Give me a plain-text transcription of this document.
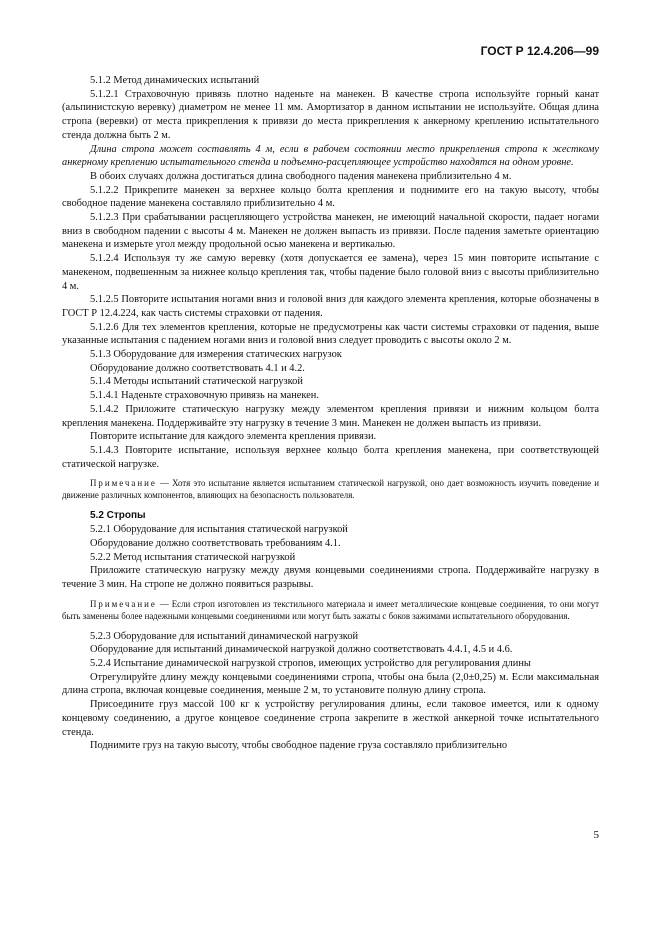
ГОСТ Р 12.4.206—99

5.1.2 Метод динамических испытаний

5.1.2.1 Страховочную привязь плотно наденьте на манекен. В качестве стропа используйте горный канат (альпинистскую веревку) диаметром не менее 11 мм. Амортизатор в данном испытании не используйте. Общая длина стропа (веревки) от места прикрепления к привязи до места прикрепления к анкерному креплению испытательного стенда должна быть 2 м.

Длина стропа может составлять 4 м, если в рабочем состоянии место прикрепления стропа к жесткому анкерному креплению испытательного стенда и подъемно-расцепляющее устройство находятся на одном уровне.

В обоих случаях должна достигаться длина свободного падения манекена приблизительно 4 м.

5.1.2.2 Прикрепите манекен за верхнее кольцо болта крепления и поднимите его на такую высоту, чтобы свободное падение манекена составляло приблизительно 4 м.

5.1.2.3 При срабатывании расцепляющего устройства манекен, не имеющий начальной скорости, падает ногами вниз в свободном падении с высоты 4 м. Манекен не должен выпасть из привязи. После падения заметьте ориентацию манекена и измерьте угол между продольной осью манекена и вертикалью.

5.1.2.4 Используя ту же самую веревку (хотя допускается ее замена), через 15 мин повторите испытание с манекеном, подвешенным за нижнее кольцо крепления так, чтобы падение было головой вниз с высоты приблизительно 4 м.

5.1.2.5 Повторите испытания ногами вниз и головой вниз для каждого элемента крепления, которые обозначены в ГОСТ Р 12.4.224, как часть системы страховки от падения.

5.1.2.6 Для тех элементов крепления, которые не предусмотрены как части системы страховки от падения, выше указанные испытания с падением ногами вниз и головой вниз следует проводить с высоты около 2 м.

5.1.3 Оборудование для измерения статических нагрузок

Оборудование должно соответствовать 4.1 и 4.2.

5.1.4 Методы испытаний статической нагрузкой

5.1.4.1 Наденьте страховочную привязь на манекен.

5.1.4.2 Приложите статическую нагрузку между элементом крепления привязи и нижним кольцом болта крепления манекена. Поддерживайте эту нагрузку в течение 3 мин. Манекен не должен выпасть из привязи.

Повторите испытание для каждого элемента крепления привязи.

5.1.4.3 Повторите испытание, используя верхнее кольцо болта крепления манекена, при соответствующей статической нагрузке.

Примечание — Хотя это испытание является испытанием статической нагрузкой, оно дает возможность изучить поведение и движение различных компонентов, влияющих на безопасность пользователя.

5.2 Стропы

5.2.1 Оборудование для испытания статической нагрузкой

Оборудование должно соответствовать требованиям 4.1.

5.2.2 Метод испытания статической нагрузкой

Приложите статическую нагрузку между двумя концевыми соединениями стропа. Поддерживайте нагрузку в течение 3 мин. На стропе не должно появиться разрывы.

Примечание — Если строп изготовлен из текстильного материала и имеет металлические концевые соединения, то они могут быть заменены более надежными концевыми соединениями или могут быть зажаты с боков зажимами испытательного оборудования.

5.2.3 Оборудование для испытаний динамической нагрузкой

Оборудование для испытаний динамической нагрузкой должно соответствовать 4.4.1, 4.5 и 4.6.

5.2.4 Испытание динамической нагрузкой стропов, имеющих устройство для регулирования длины

Отрегулируйте длину между концевыми соединениями стропа, чтобы она была (2,0±0,25) м. Если максимальная длина стропа, включая концевые соединения, меньше 2 м, то установите полную длину стропа.

Присоедините груз массой 100 кг к устройству регулирования длины, если таковое имеется, или к одному концевому соединению, а другое концевое соединение стропа закрепите в жесткой анкерной точке испытательного стенда.

Поднимите груз на такую высоту, чтобы свободное падение груза составляло приблизительно

5
